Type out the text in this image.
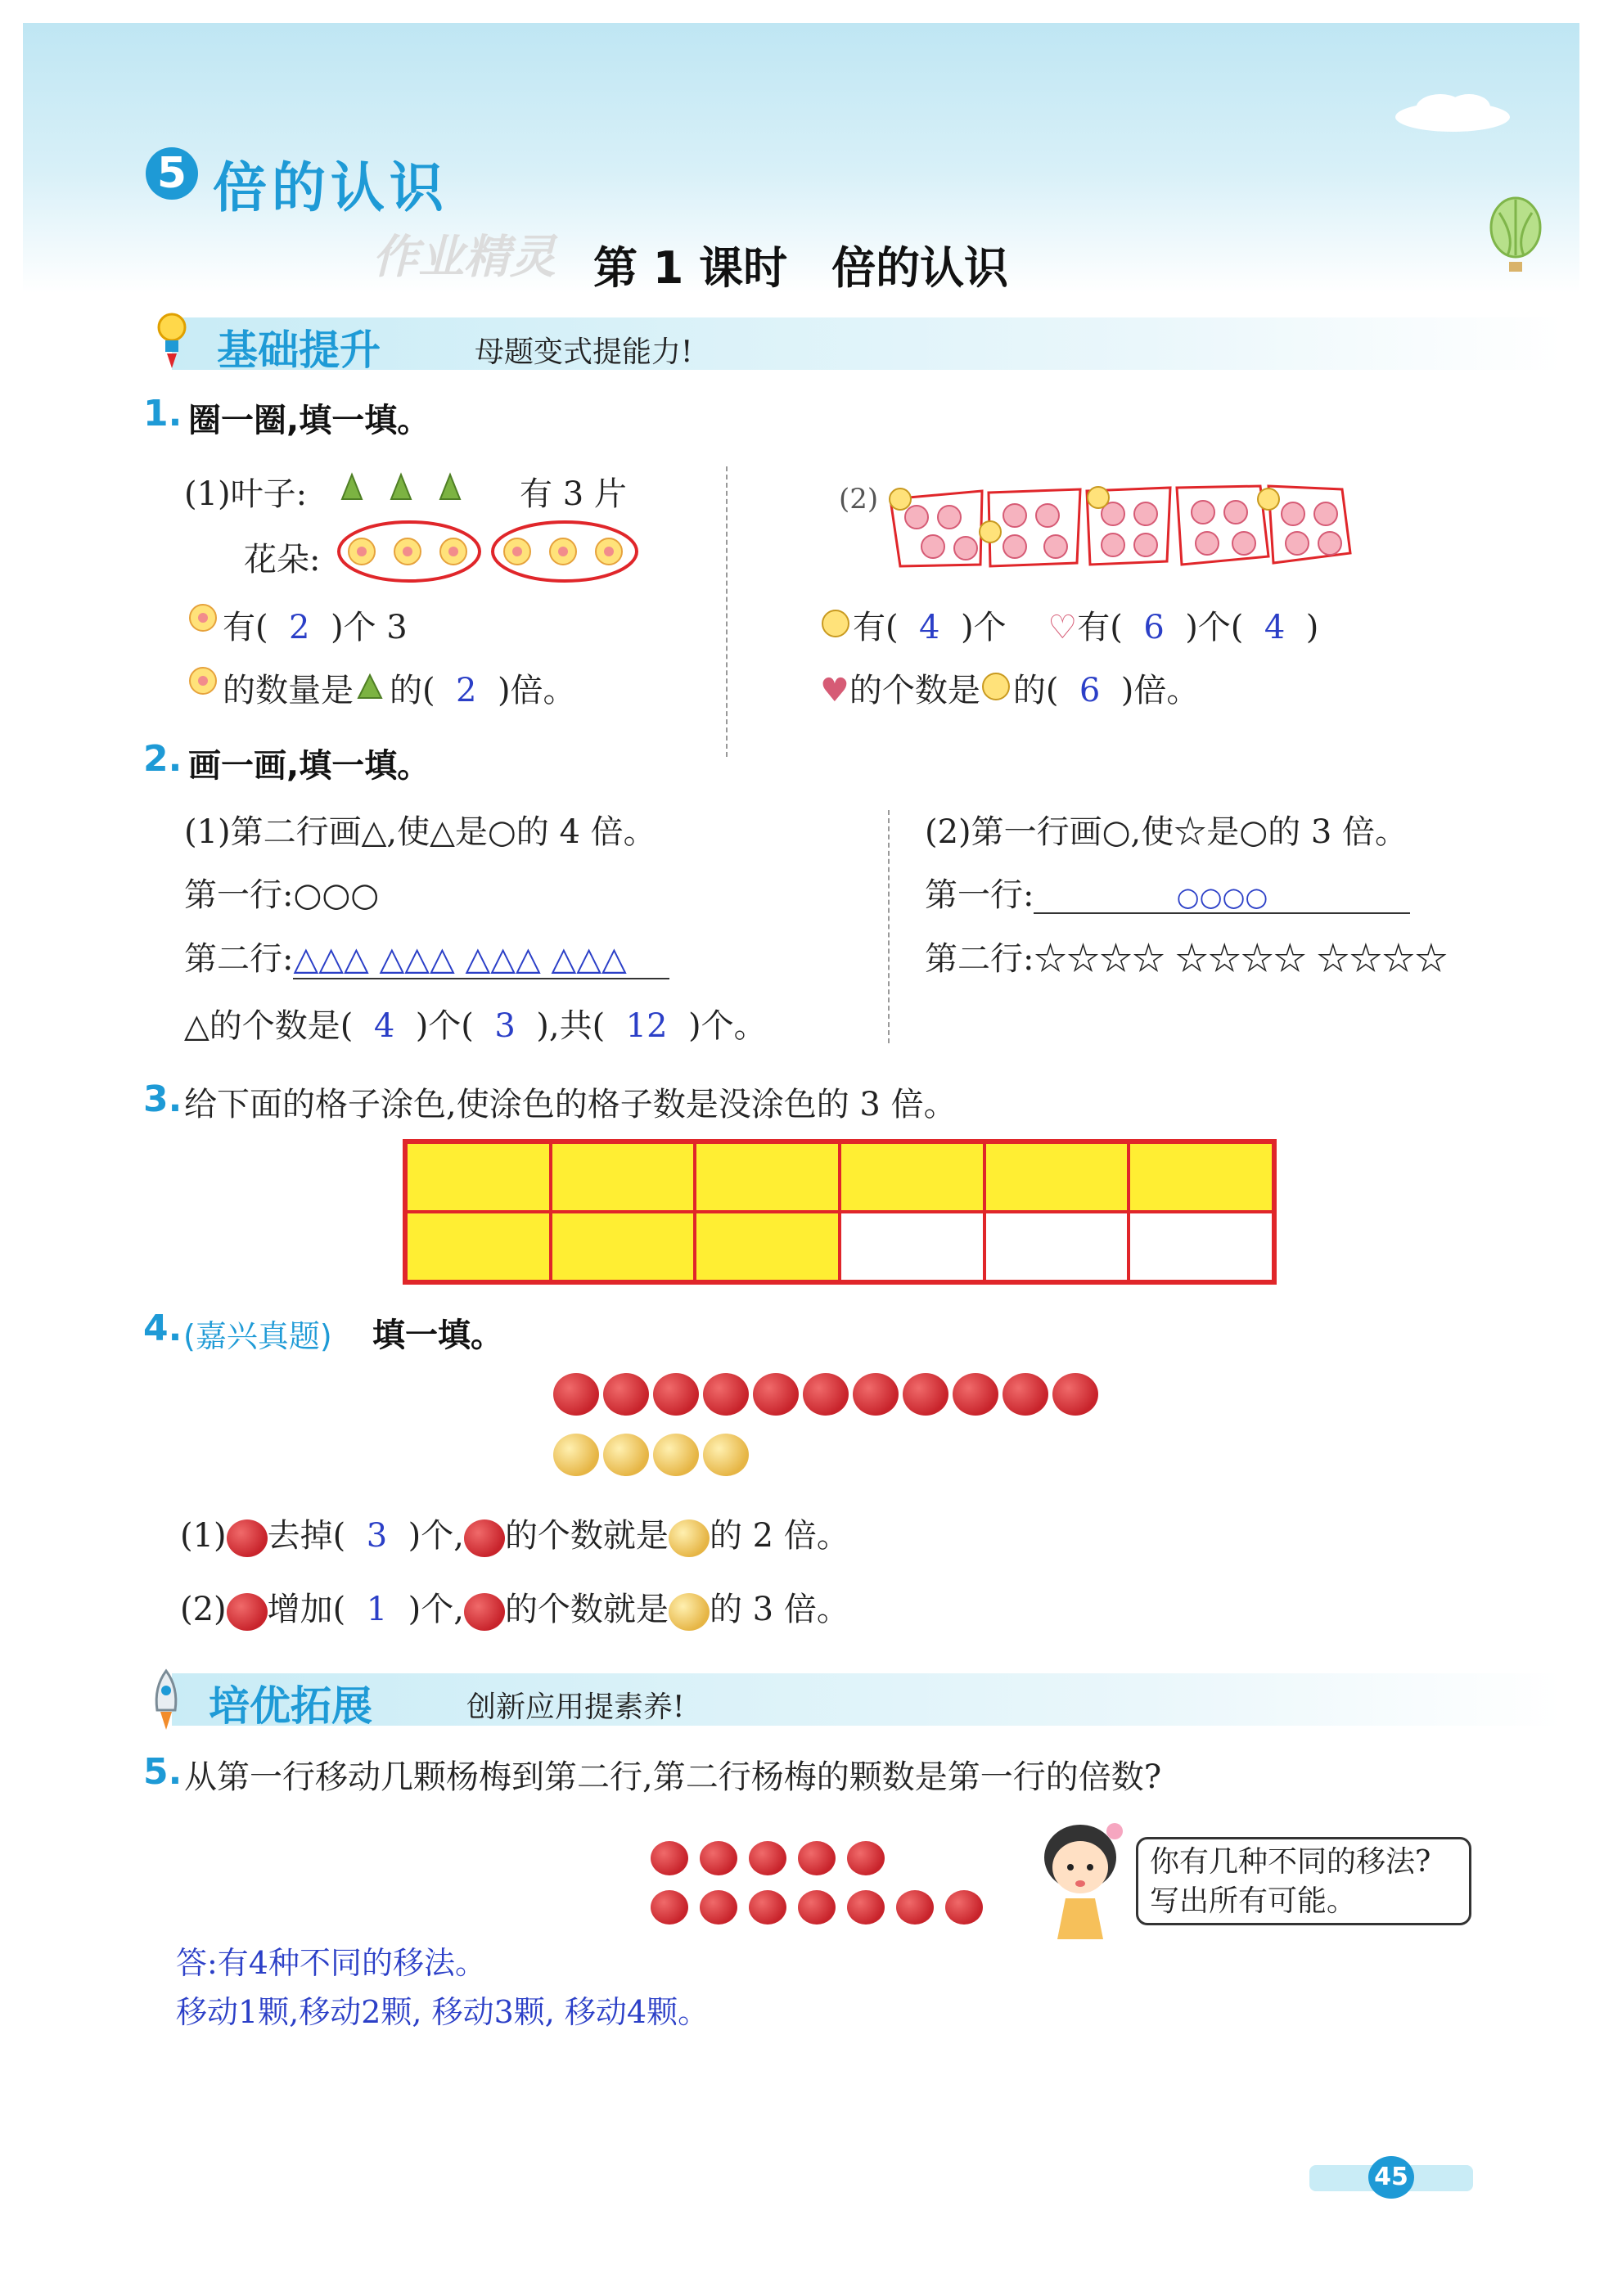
5 倍的认识
作业精灵 第 1 课时　倍的认识
基础提升	母题变式提能力!
1. 圈一圈,填一填。
(1)叶子:	有 3 片
花朵:
有( 2 )个 3
的数量是 的( 2 )倍。
(2)
有( 4 )个 ♡有( 6 )个( 4 )
♥的个数是 的( 6 )倍。
2. 画一画,填一填。
(1)第二行画△,使△是○的 4 倍。
第一行:○○○
第二行:△△△ △△△ △△△ △△△
△的个数是( 4 )个( 3 ),共( 12 )个。
(2)第一行画○,使☆是○的 3 倍。
第一行:	○○○○
第二行:☆☆☆☆ ☆☆☆☆ ☆☆☆☆
3. 给下面的格子涂色,使涂色的格子数是没涂色的 3 倍。
4. (嘉兴真题) 填一填。
(1) 去掉( 3 )个, 的个数就是 的 2 倍。
(2) 增加( 1 )个, 的个数就是 的 3 倍。
培优拓展	创新应用提素养!
5. 从第一行移动几颗杨梅到第二行,第二行杨梅的颗数是第一行的倍数?
你有几种不同的移法?
写出所有可能。
答:有4种不同的移法。
移动1颗,移动2颗, 移动3颗, 移动4颗。
45
